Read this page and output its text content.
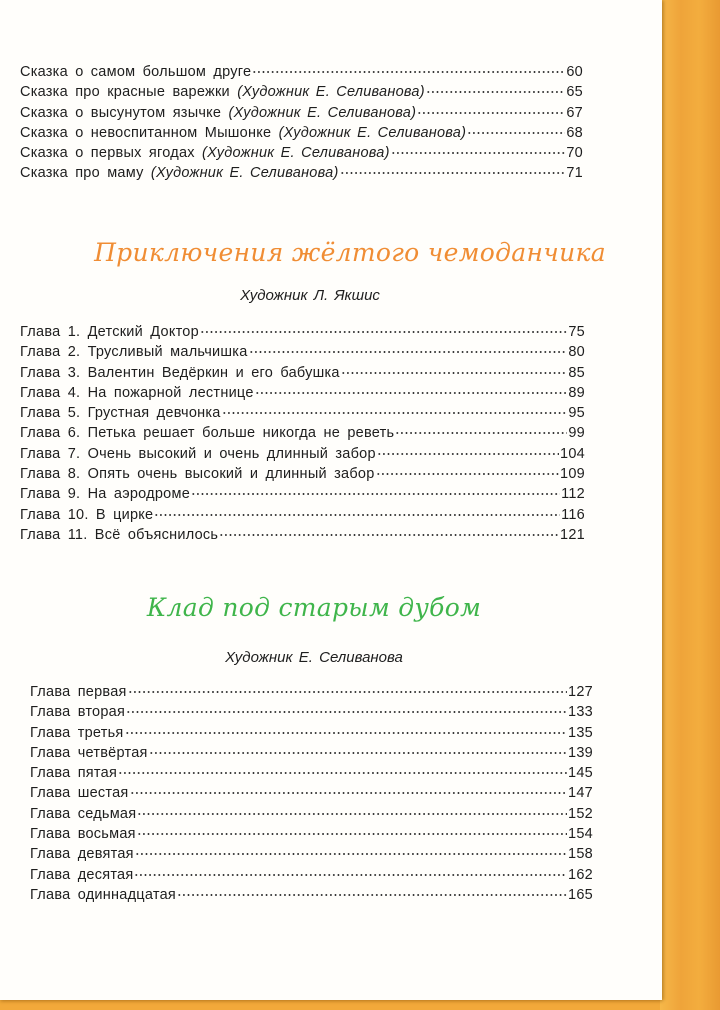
Сказка о самом большом друге	60
Сказка про красные варежки (Художник Е. Селиванова)	65
Сказка о высунутом язычке (Художник Е. Селиванова)	67
Сказка о невоспитанном Мышонке (Художник Е. Селиванова)	68
Сказка о первых ягодах (Художник Е. Селиванова)	70
Сказка про маму (Художник Е. Селиванова)	71
Приключения жёлтого чемоданчика

Художник Л. Якшис

Глава 1. Детский Доктор	75
Глава 2. Трусливый мальчишка	80
Глава 3. Валентин Ведёркин и его бабушка	85
Глава 4. На пожарной лестнице	89
Глава 5. Грустная девчонка	95
Глава 6. Петька решает больше никогда не реветь	99
Глава 7. Очень высокий и очень длинный забор	104
Глава 8. Опять очень высокий и длинный забор	109
Глава 9. На аэродроме	112
Глава 10. В цирке	116
Глава 11. Всё объяснилось	121
Клад под старым дубом

Художник Е. Селиванова

Глава первая	127
Глава вторая	133
Глава третья	135
Глава четвёртая	139
Глава пятая	145
Глава шестая	147
Глава седьмая	152
Глава восьмая	154
Глава девятая	158
Глава десятая	162
Глава одиннадцатая	165
